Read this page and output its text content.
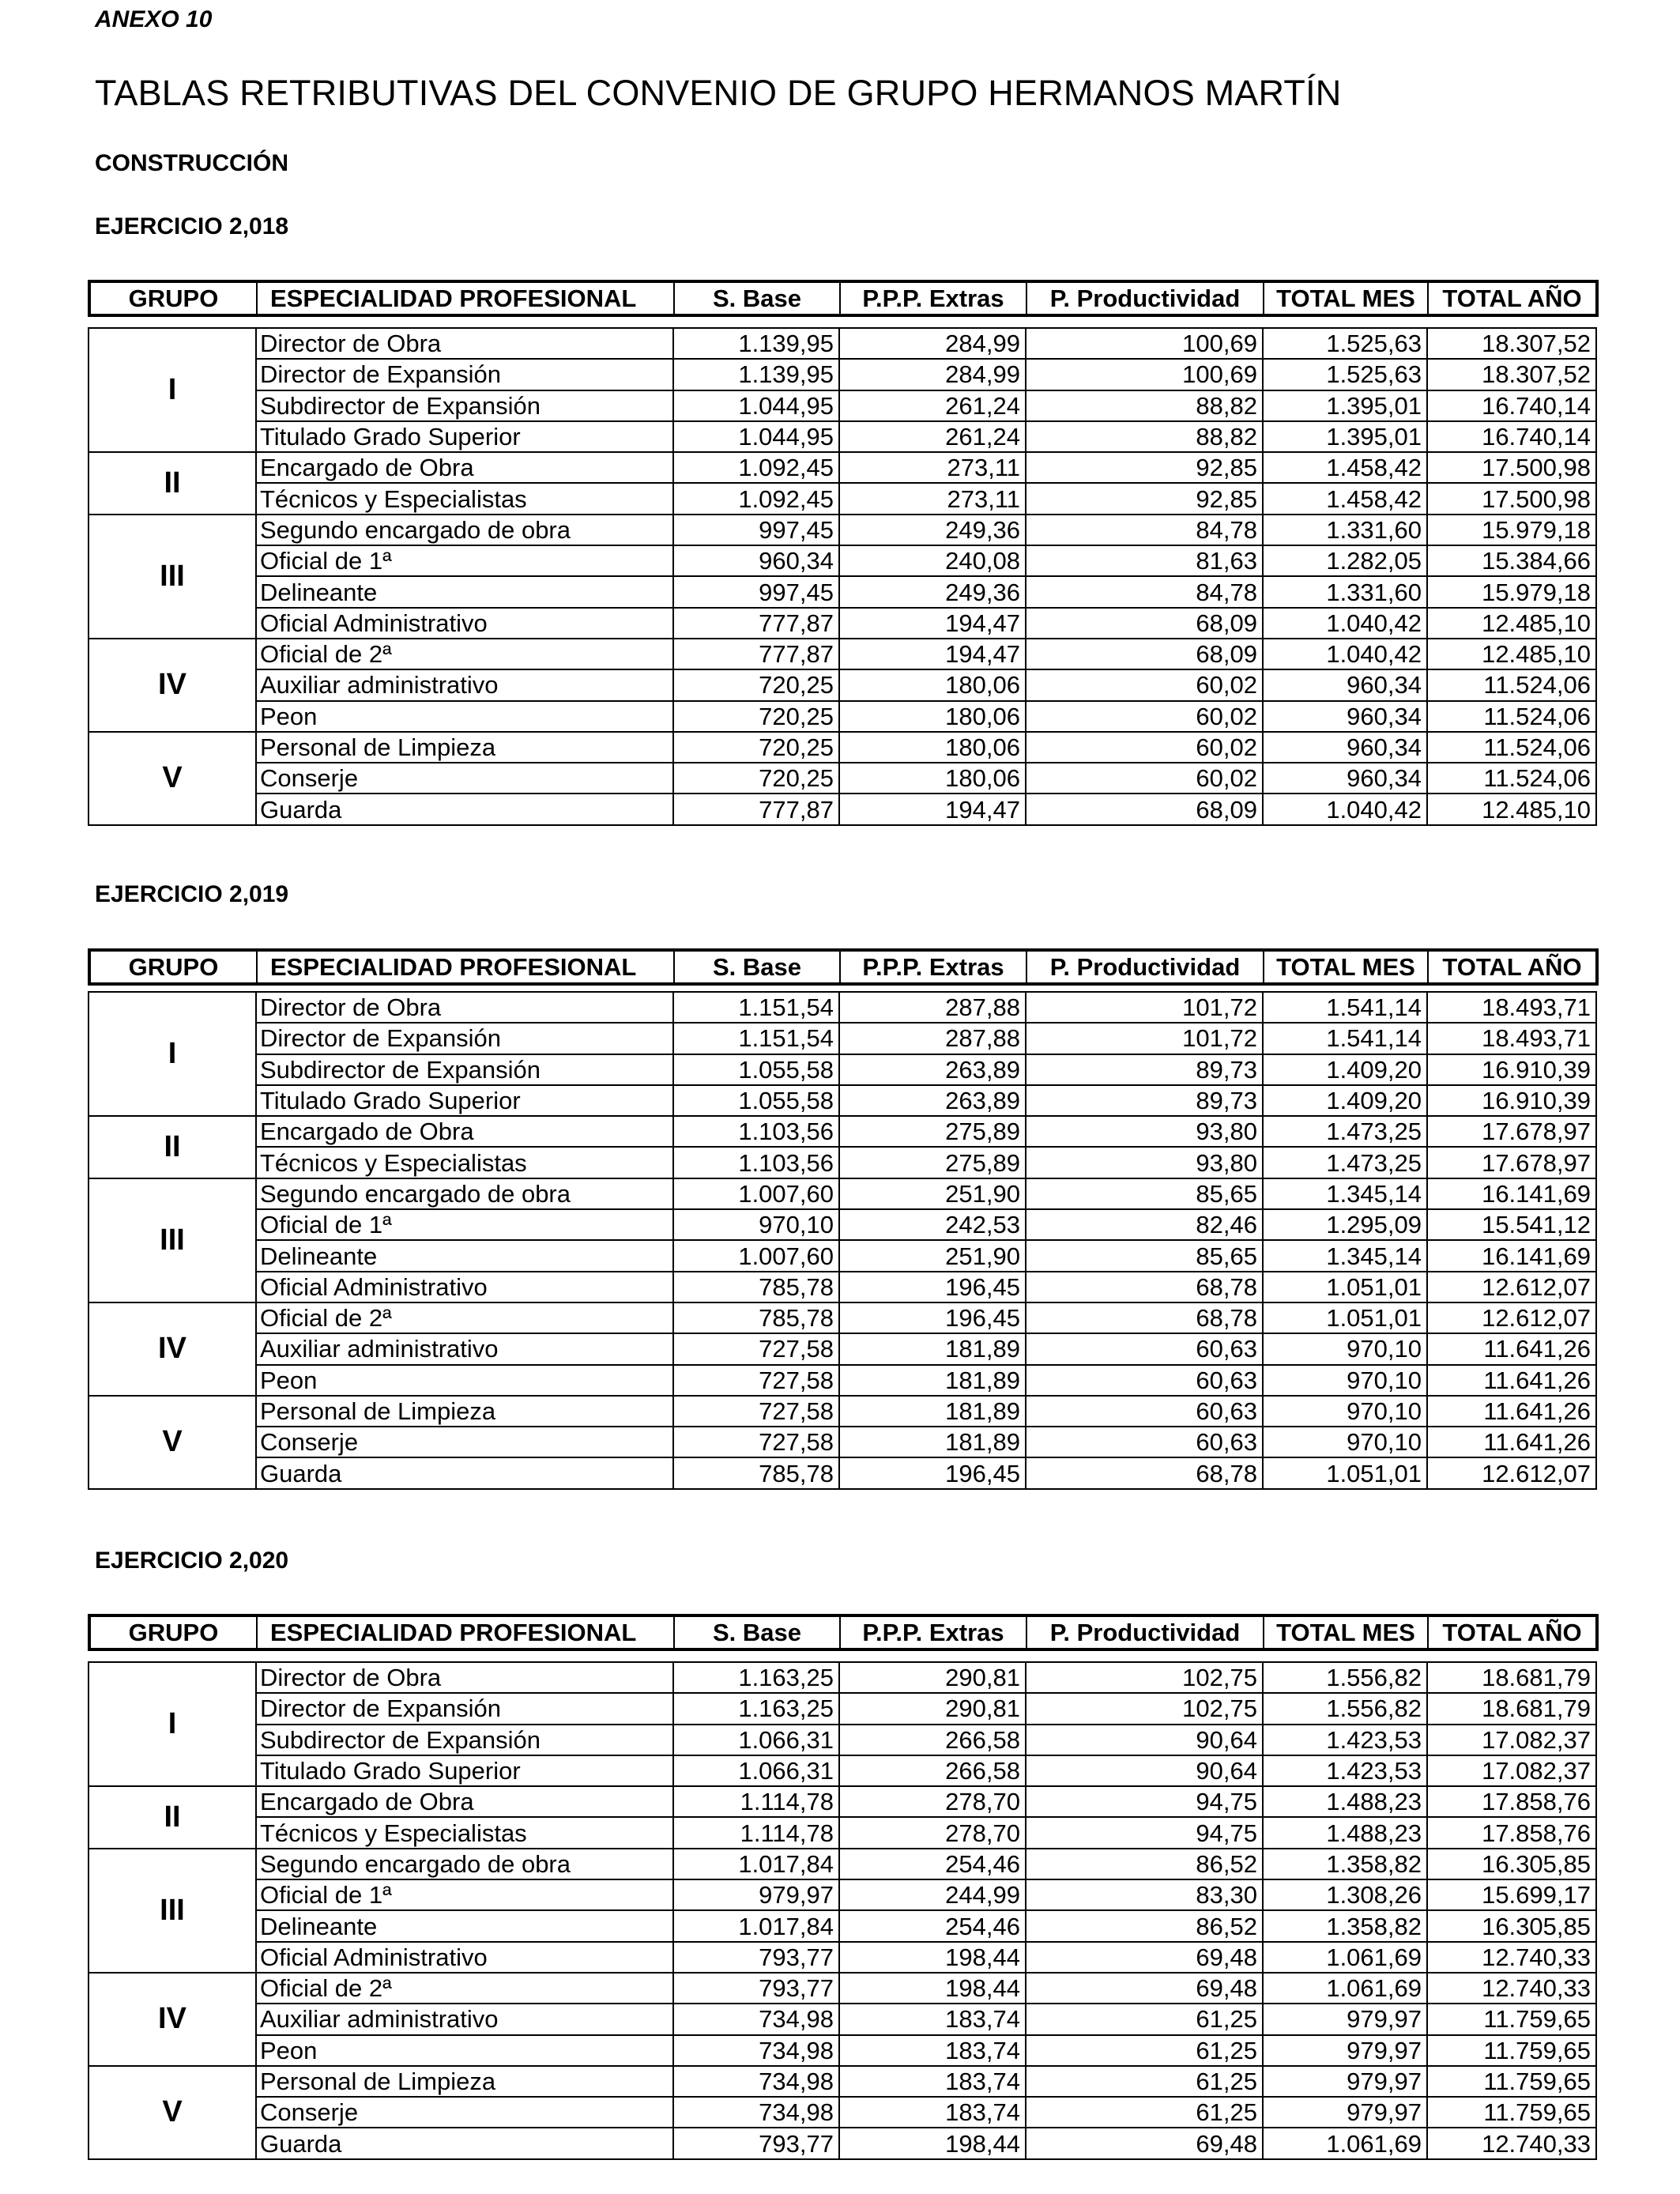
ANEXO 10
TABLAS RETRIBUTIVAS DEL CONVENIO DE GRUPO HERMANOS MARTÍN
CONSTRUCCIÓN
EJERCICIO 2,018
GRUPO	ESPECIALIDAD PROFESIONAL	S. Base	P.P.P. Extras	P. Productividad	TOTAL MES	TOTAL AÑO
I	Director de Obra	1.139,95	284,99	100,69	1.525,63	18.307,52
	Director de Expansión	1.139,95	284,99	100,69	1.525,63	18.307,52
	Subdirector de Expansión	1.044,95	261,24	88,82	1.395,01	16.740,14
	Titulado Grado Superior	1.044,95	261,24	88,82	1.395,01	16.740,14
II	Encargado de Obra	1.092,45	273,11	92,85	1.458,42	17.500,98
	Técnicos y Especialistas	1.092,45	273,11	92,85	1.458,42	17.500,98
III	Segundo encargado de obra	997,45	249,36	84,78	1.331,60	15.979,18
	Oficial de 1ª	960,34	240,08	81,63	1.282,05	15.384,66
	Delineante	997,45	249,36	84,78	1.331,60	15.979,18
	Oficial Administrativo	777,87	194,47	68,09	1.040,42	12.485,10
IV	Oficial de 2ª	777,87	194,47	68,09	1.040,42	12.485,10
	Auxiliar administrativo	720,25	180,06	60,02	960,34	11.524,06
	Peon	720,25	180,06	60,02	960,34	11.524,06
V	Personal de Limpieza	720,25	180,06	60,02	960,34	11.524,06
	Conserje	720,25	180,06	60,02	960,34	11.524,06
	Guarda	777,87	194,47	68,09	1.040,42	12.485,10
EJERCICIO 2,019
GRUPO	ESPECIALIDAD PROFESIONAL	S. Base	P.P.P. Extras	P. Productividad	TOTAL MES	TOTAL AÑO
I	Director de Obra	1.151,54	287,88	101,72	1.541,14	18.493,71
	Director de Expansión	1.151,54	287,88	101,72	1.541,14	18.493,71
	Subdirector de Expansión	1.055,58	263,89	89,73	1.409,20	16.910,39
	Titulado Grado Superior	1.055,58	263,89	89,73	1.409,20	16.910,39
II	Encargado de Obra	1.103,56	275,89	93,80	1.473,25	17.678,97
	Técnicos y Especialistas	1.103,56	275,89	93,80	1.473,25	17.678,97
III	Segundo encargado de obra	1.007,60	251,90	85,65	1.345,14	16.141,69
	Oficial de 1ª	970,10	242,53	82,46	1.295,09	15.541,12
	Delineante	1.007,60	251,90	85,65	1.345,14	16.141,69
	Oficial Administrativo	785,78	196,45	68,78	1.051,01	12.612,07
IV	Oficial de 2ª	785,78	196,45	68,78	1.051,01	12.612,07
	Auxiliar administrativo	727,58	181,89	60,63	970,10	11.641,26
	Peon	727,58	181,89	60,63	970,10	11.641,26
V	Personal de Limpieza	727,58	181,89	60,63	970,10	11.641,26
	Conserje	727,58	181,89	60,63	970,10	11.641,26
	Guarda	785,78	196,45	68,78	1.051,01	12.612,07
EJERCICIO 2,020
GRUPO	ESPECIALIDAD PROFESIONAL	S. Base	P.P.P. Extras	P. Productividad	TOTAL MES	TOTAL AÑO
I	Director de Obra	1.163,25	290,81	102,75	1.556,82	18.681,79
	Director de Expansión	1.163,25	290,81	102,75	1.556,82	18.681,79
	Subdirector de Expansión	1.066,31	266,58	90,64	1.423,53	17.082,37
	Titulado Grado Superior	1.066,31	266,58	90,64	1.423,53	17.082,37
II	Encargado de Obra	1.114,78	278,70	94,75	1.488,23	17.858,76
	Técnicos y Especialistas	1.114,78	278,70	94,75	1.488,23	17.858,76
III	Segundo encargado de obra	1.017,84	254,46	86,52	1.358,82	16.305,85
	Oficial de 1ª	979,97	244,99	83,30	1.308,26	15.699,17
	Delineante	1.017,84	254,46	86,52	1.358,82	16.305,85
	Oficial Administrativo	793,77	198,44	69,48	1.061,69	12.740,33
IV	Oficial de 2ª	793,77	198,44	69,48	1.061,69	12.740,33
	Auxiliar administrativo	734,98	183,74	61,25	979,97	11.759,65
	Peon	734,98	183,74	61,25	979,97	11.759,65
V	Personal de Limpieza	734,98	183,74	61,25	979,97	11.759,65
	Conserje	734,98	183,74	61,25	979,97	11.759,65
	Guarda	793,77	198,44	69,48	1.061,69	12.740,33
